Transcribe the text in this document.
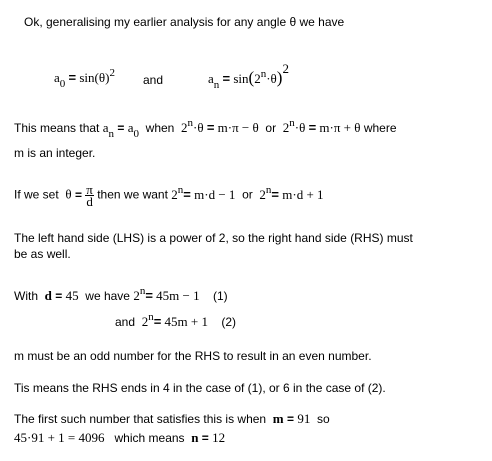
Ok, generalising my earlier analysis for any angle θ we have
$a_0 = \sin(\theta)^2$ and	$a_n = \sin(2^n\cdot\theta)2$
This means that $a_n = a_0$ when $2^n\cdot\theta = m\cdot\pi - \theta$ or $2^n\cdot\theta = m\cdot\pi + \theta$ where
m is an integer.
If we set $\theta = \frac{\pi}{d}$ then we want $2^n= m\cdot d - 1$ or $2^n= m\cdot d + 1$
The left hand side (LHS) is a power of 2, so the right hand side (RHS) must
be as well.
With d = 45 we have $2^n= 45m - 1$ (1)
and $2^n= 45m + 1$ (2)
m must be an odd number for the RHS to result in an even number.
Tis means the RHS ends in 4 in the case of (1), or 6 in the case of (2).
The first such number that satisfies this is when m = 91 so
45·91 + 1 = 4096 which means n = 12
